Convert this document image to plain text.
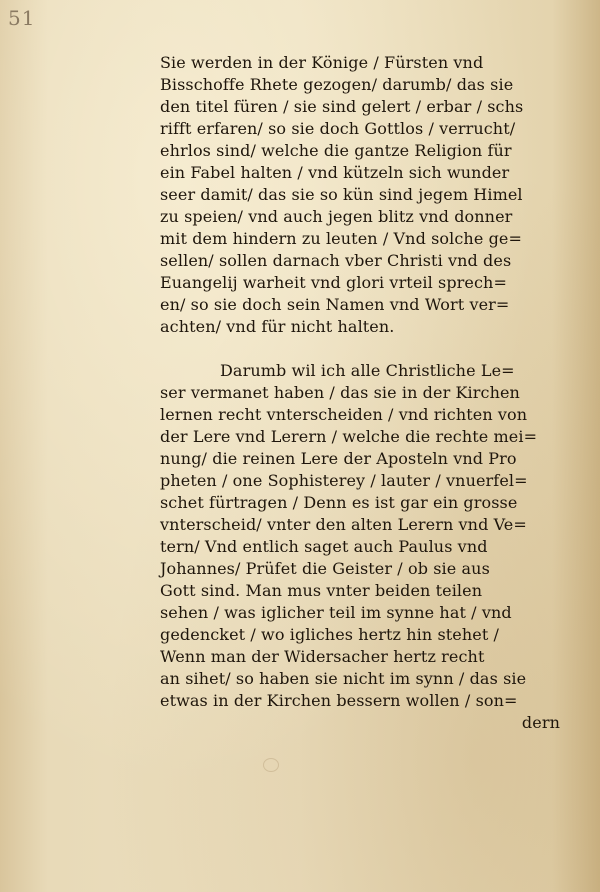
51
Sie werden in der Könige / Fürsten vnd
Bisschoffe Rhete gezogen/ darumb/ das sie
den titel füren / sie sind gelert / erbar / schs
rifft erfaren/ so sie doch Gottlos / verrucht/
ehrlos sind/ welche die gantze Religion für
ein Fabel halten / vnd kützeln sich wunder
seer damit/ das sie so kün sind jegem Himel
zu speien/ vnd auch jegen blitz vnd donner
mit dem hindern zu leuten / Vnd solche ge=
sellen/ sollen darnach vber Christi vnd des
Euangelij warheit vnd glori vrteil sprech=
en/ so sie doch sein Namen vnd Wort ver=
achten/ vnd für nicht halten.
Darumb wil ich alle Christliche Le=
ser vermanet haben / das sie in der Kirchen
lernen recht vnterscheiden / vnd richten von
der Lere vnd Lerern / welche die rechte mei=
nung/ die reinen Lere der Aposteln vnd Pro
pheten / one Sophisterey / lauter / vnuerfel=
schet fürtragen / Denn es ist gar ein grosse
vnterscheid/ vnter den alten Lerern vnd Ve=
tern/ Vnd entlich saget auch Paulus vnd
Johannes/ Prüfet die Geister / ob sie aus
Gott sind. Man mus vnter beiden teilen
sehen / was iglicher teil im synne hat / vnd
gedencket / wo igliches hertz hin stehet /
Wenn man der Widersacher hertz recht
an sihet/ so haben sie nicht im synn / das sie
etwas in der Kirchen bessern wollen / son=
dern
